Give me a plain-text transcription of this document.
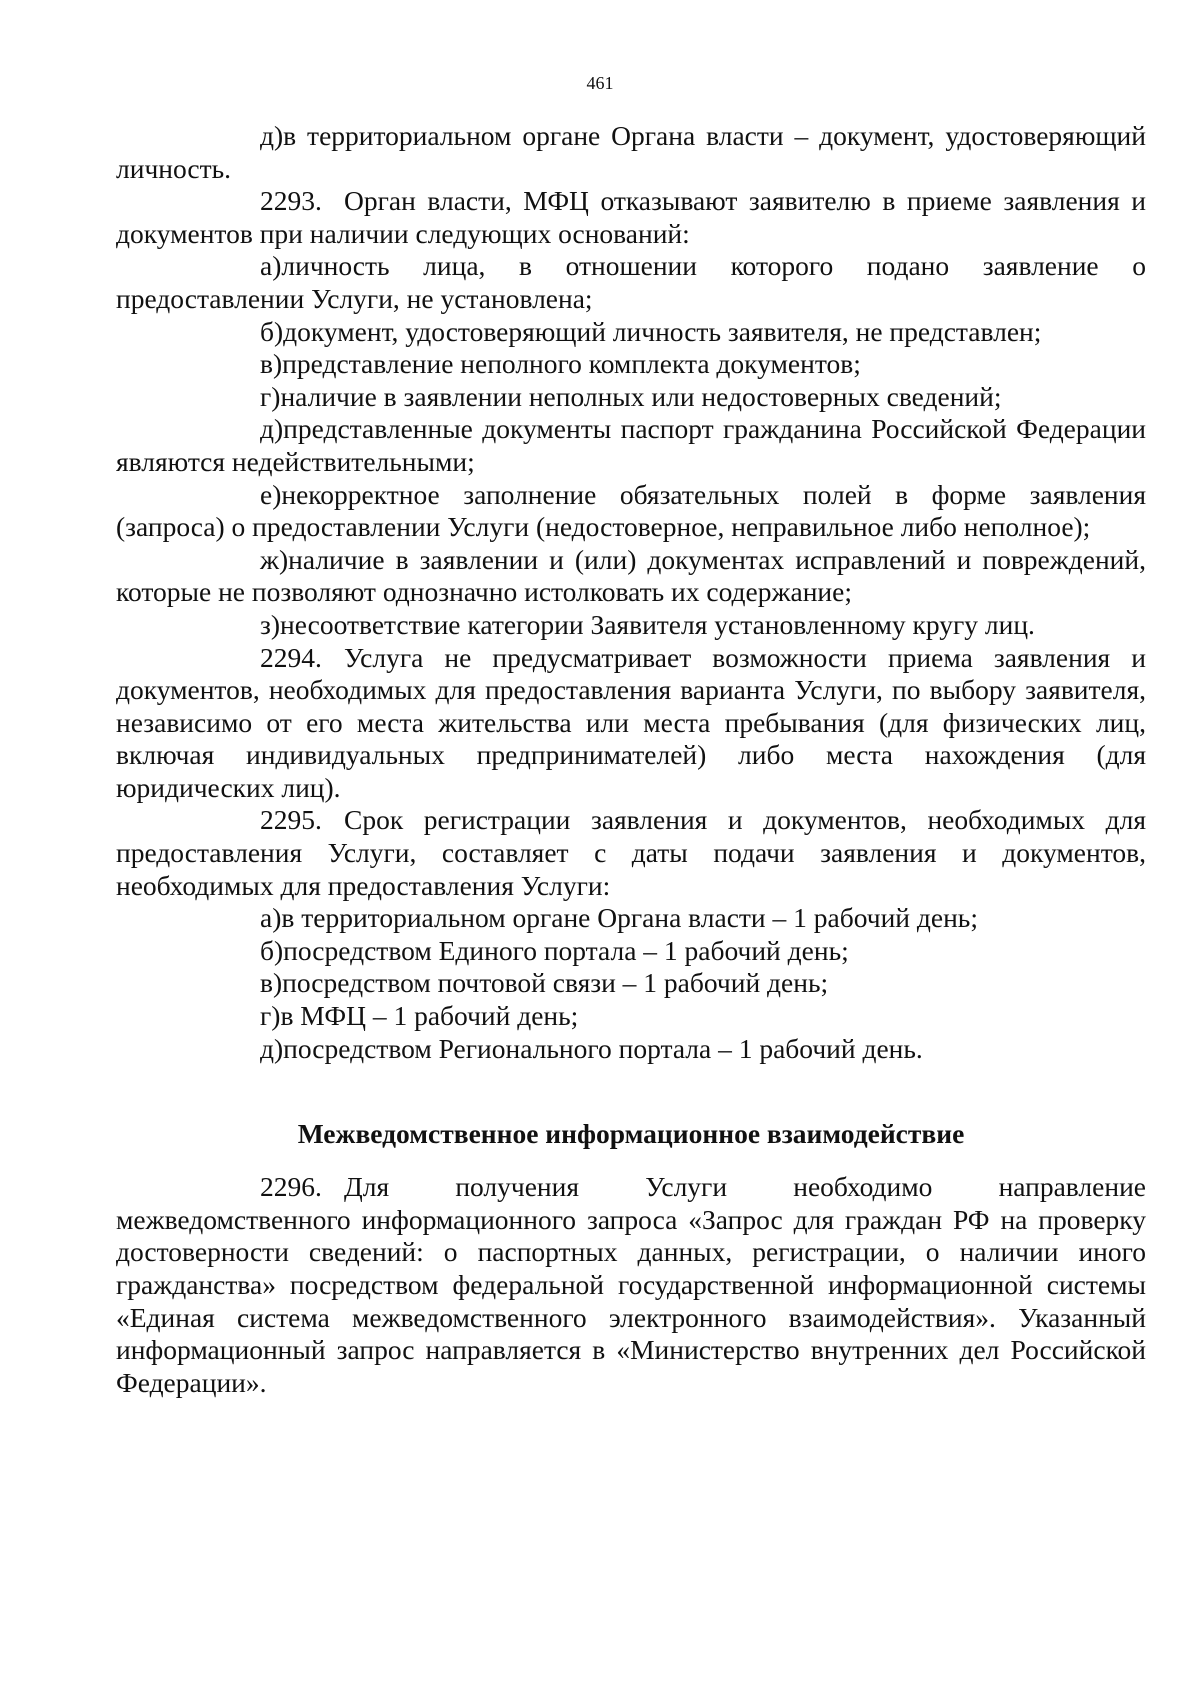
461

д)в территориальном органе Органа власти – документ, удостоверяющий личность.

2293. Орган власти, МФЦ отказывают заявителю в приеме заявления и документов при наличии следующих оснований:

а)личность лица, в отношении которого подано заявление о предоставлении Услуги, не установлена;

б)документ, удостоверяющий личность заявителя, не представлен;

в)представление неполного комплекта документов;

г)наличие в заявлении неполных или недостоверных сведений;

д)представленные документы паспорт гражданина Российской Федерации являются недействительными;

е)некорректное заполнение обязательных полей в форме заявления (запроса) о предоставлении Услуги (недостоверное, неправильное либо неполное);

ж)наличие в заявлении и (или) документах исправлений и повреждений, которые не позволяют однозначно истолковать их содержание;

з)несоответствие категории Заявителя установленному кругу лиц.

2294. Услуга не предусматривает возможности приема заявления и документов, необходимых для предоставления варианта Услуги, по выбору заявителя, независимо от его места жительства или места пребывания (для физических лиц, включая индивидуальных предпринимателей) либо места нахождения (для юридических лиц).

2295. Срок регистрации заявления и документов, необходимых для предоставления Услуги, составляет с даты подачи заявления и документов, необходимых для предоставления Услуги:

а)в территориальном органе Органа власти – 1 рабочий день;

б)посредством Единого портала – 1 рабочий день;

в)посредством почтовой связи – 1 рабочий день;

г)в МФЦ – 1 рабочий день;

д)посредством Регионального портала – 1 рабочий день.

Межведомственное информационное взаимодействие

2296. Для получения Услуги необходимо направление межведомственного информационного запроса «Запрос для граждан РФ на проверку достоверности сведений: о паспортных данных, регистрации, о наличии иного гражданства» посредством федеральной государственной информационной системы «Единая система межведомственного электронного взаимодействия». Указанный информационный запрос направляется в «Министерство внутренних дел Российской Федерации».
